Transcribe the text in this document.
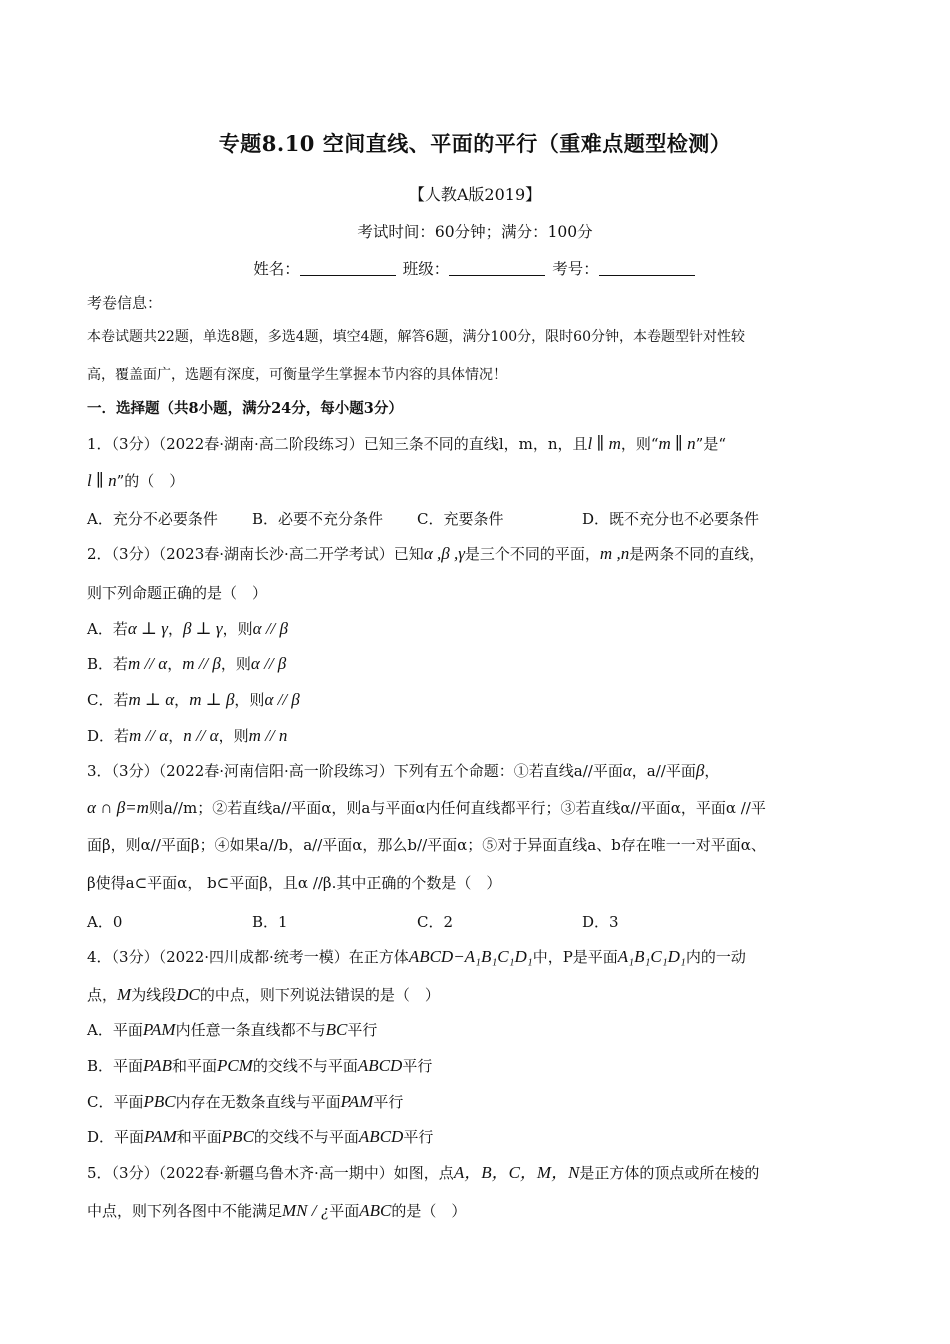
专题8.10 空间直线、平面的平行（重难点题型检测）
【人教A版2019】
考试时间：60分钟；满分：100分
姓名：	班级：	考号：
考卷信息：
本卷试题共22题，单选8题，多选4题，填空4题，解答6题，满分100分，限时60分钟，本卷题型针对性较
高，覆盖面广，选题有深度，可衡量学生掌握本节内容的具体情况！
一．选择题（共8小题，满分24分，每小题3分）
1．（3分）（2022春·湖南·高二阶段练习）已知三条不同的直线l，m，n，且l ∥ m，则“m ∥ n”是“
l ∥ n”的（　）
A．充分不必要条件 B．必要不充分条件 C．充要条件	D．既不充分也不必要条件
2．（3分）（2023春·湖南长沙·高二开学考试）已知α ,β ,γ是三个不同的平面，m ,n是两条不同的直线，
则下列命题正确的是（　）
A．若α ⊥ γ，β ⊥ γ，则α // β
B．若m // α，m // β，则α // β
C．若m ⊥ α，m ⊥ β，则α // β
D．若m // α，n // α，则m // n
3．（3分）（2022春·河南信阳·高一阶段练习）下列有五个命题：①若直线a//平面α，a//平面β，
α ∩ β=m则a//m；②若直线a//平面α，则a与平面α内任何直线都平行；③若直线α//平面α，平面α //平
面β，则α//平面β；④如果a//b，a//平面α，那么b//平面α；⑤对于异面直线a、b存在唯一一对平面α、
β使得a⊂平面α， b⊂平面β，且α //β.其中正确的个数是（　）
A．0	B．1	C．2	D．3
4．（3分）（2022·四川成都·统考一模）在正方体ABCD−A₁B₁C₁D₁中，P是平面A₁B₁C₁D₁内的一动
点，M为线段DC的中点，则下列说法错误的是（　）
A．平面PAM内任意一条直线都不与BC平行
B．平面PAB和平面PCM的交线不与平面ABCD平行
C．平面PBC内存在无数条直线与平面PAM平行
D．平面PAM和平面PBC的交线不与平面ABCD平行
5．（3分）（2022春·新疆乌鲁木齐·高一期中）如图，点A，B，C，M，N是正方体的顶点或所在棱的
中点，则下列各图中不能满足MN / ¿平面ABC的是（　）
